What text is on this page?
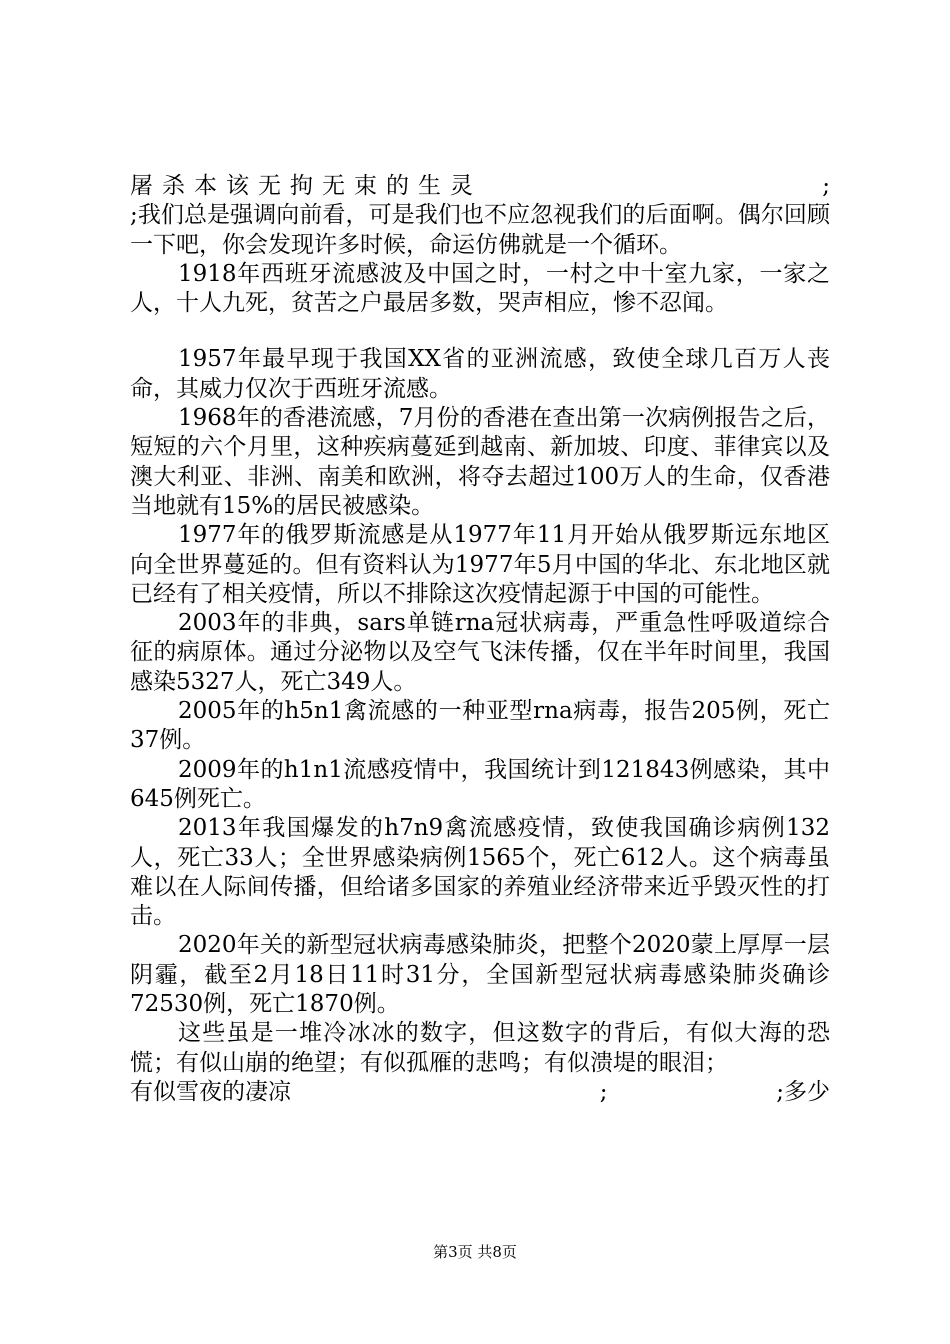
屠杀本该无拘无束的生灵	;

;我们总是强调向前看，可是我们也不应忽视我们的后面啊。偶尔回顾一下吧，你会发现许多时候，命运仿佛就是一个循环。

1918年西班牙流感波及中国之时，一村之中十室九家，一家之人，十人九死，贫苦之户最居多数，哭声相应，惨不忍闻。

1957年最早现于我国XX省的亚洲流感，致使全球几百万人丧命，其威力仅次于西班牙流感。

1968年的香港流感，7月份的香港在查出第一次病例报告之后，短短的六个月里，这种疾病蔓延到越南、新加坡、印度、菲律宾以及澳大利亚、非洲、南美和欧洲，将夺去超过100万人的生命，仅香港当地就有15%的居民被感染。

1977年的俄罗斯流感是从1977年11月开始从俄罗斯远东地区向全世界蔓延的。但有资料认为1977年5月中国的华北、东北地区就已经有了相关疫情，所以不排除这次疫情起源于中国的可能性。

2003年的非典，sars单链rna冠状病毒，严重急性呼吸道综合征的病原体。通过分泌物以及空气飞沫传播，仅在半年时间里，我国感染5327人，死亡349人。

2005年的h5n1禽流感的一种亚型rna病毒，报告205例，死亡37例。

2009年的h1n1流感疫情中，我国统计到121843例感染，其中645例死亡。

2013年我国爆发的h7n9禽流感疫情，致使我国确诊病例132人，死亡33人；全世界感染病例1565个，死亡612人。这个病毒虽难以在人际间传播，但给诸多国家的养殖业经济带来近乎毁灭性的打击。

2020年关的新型冠状病毒感染肺炎，把整个2020蒙上厚厚一层阴霾，截至2月18日11时31分，全国新型冠状病毒感染肺炎确诊72530例，死亡1870例。

这些虽是一堆冷冰冰的数字，但这数字的背后，有似大海的恐慌；有似山崩的绝望；有似孤雁的悲鸣；有似溃堤的眼泪；

有似雪夜的凄凉	;	;多少

第3页 共8页
